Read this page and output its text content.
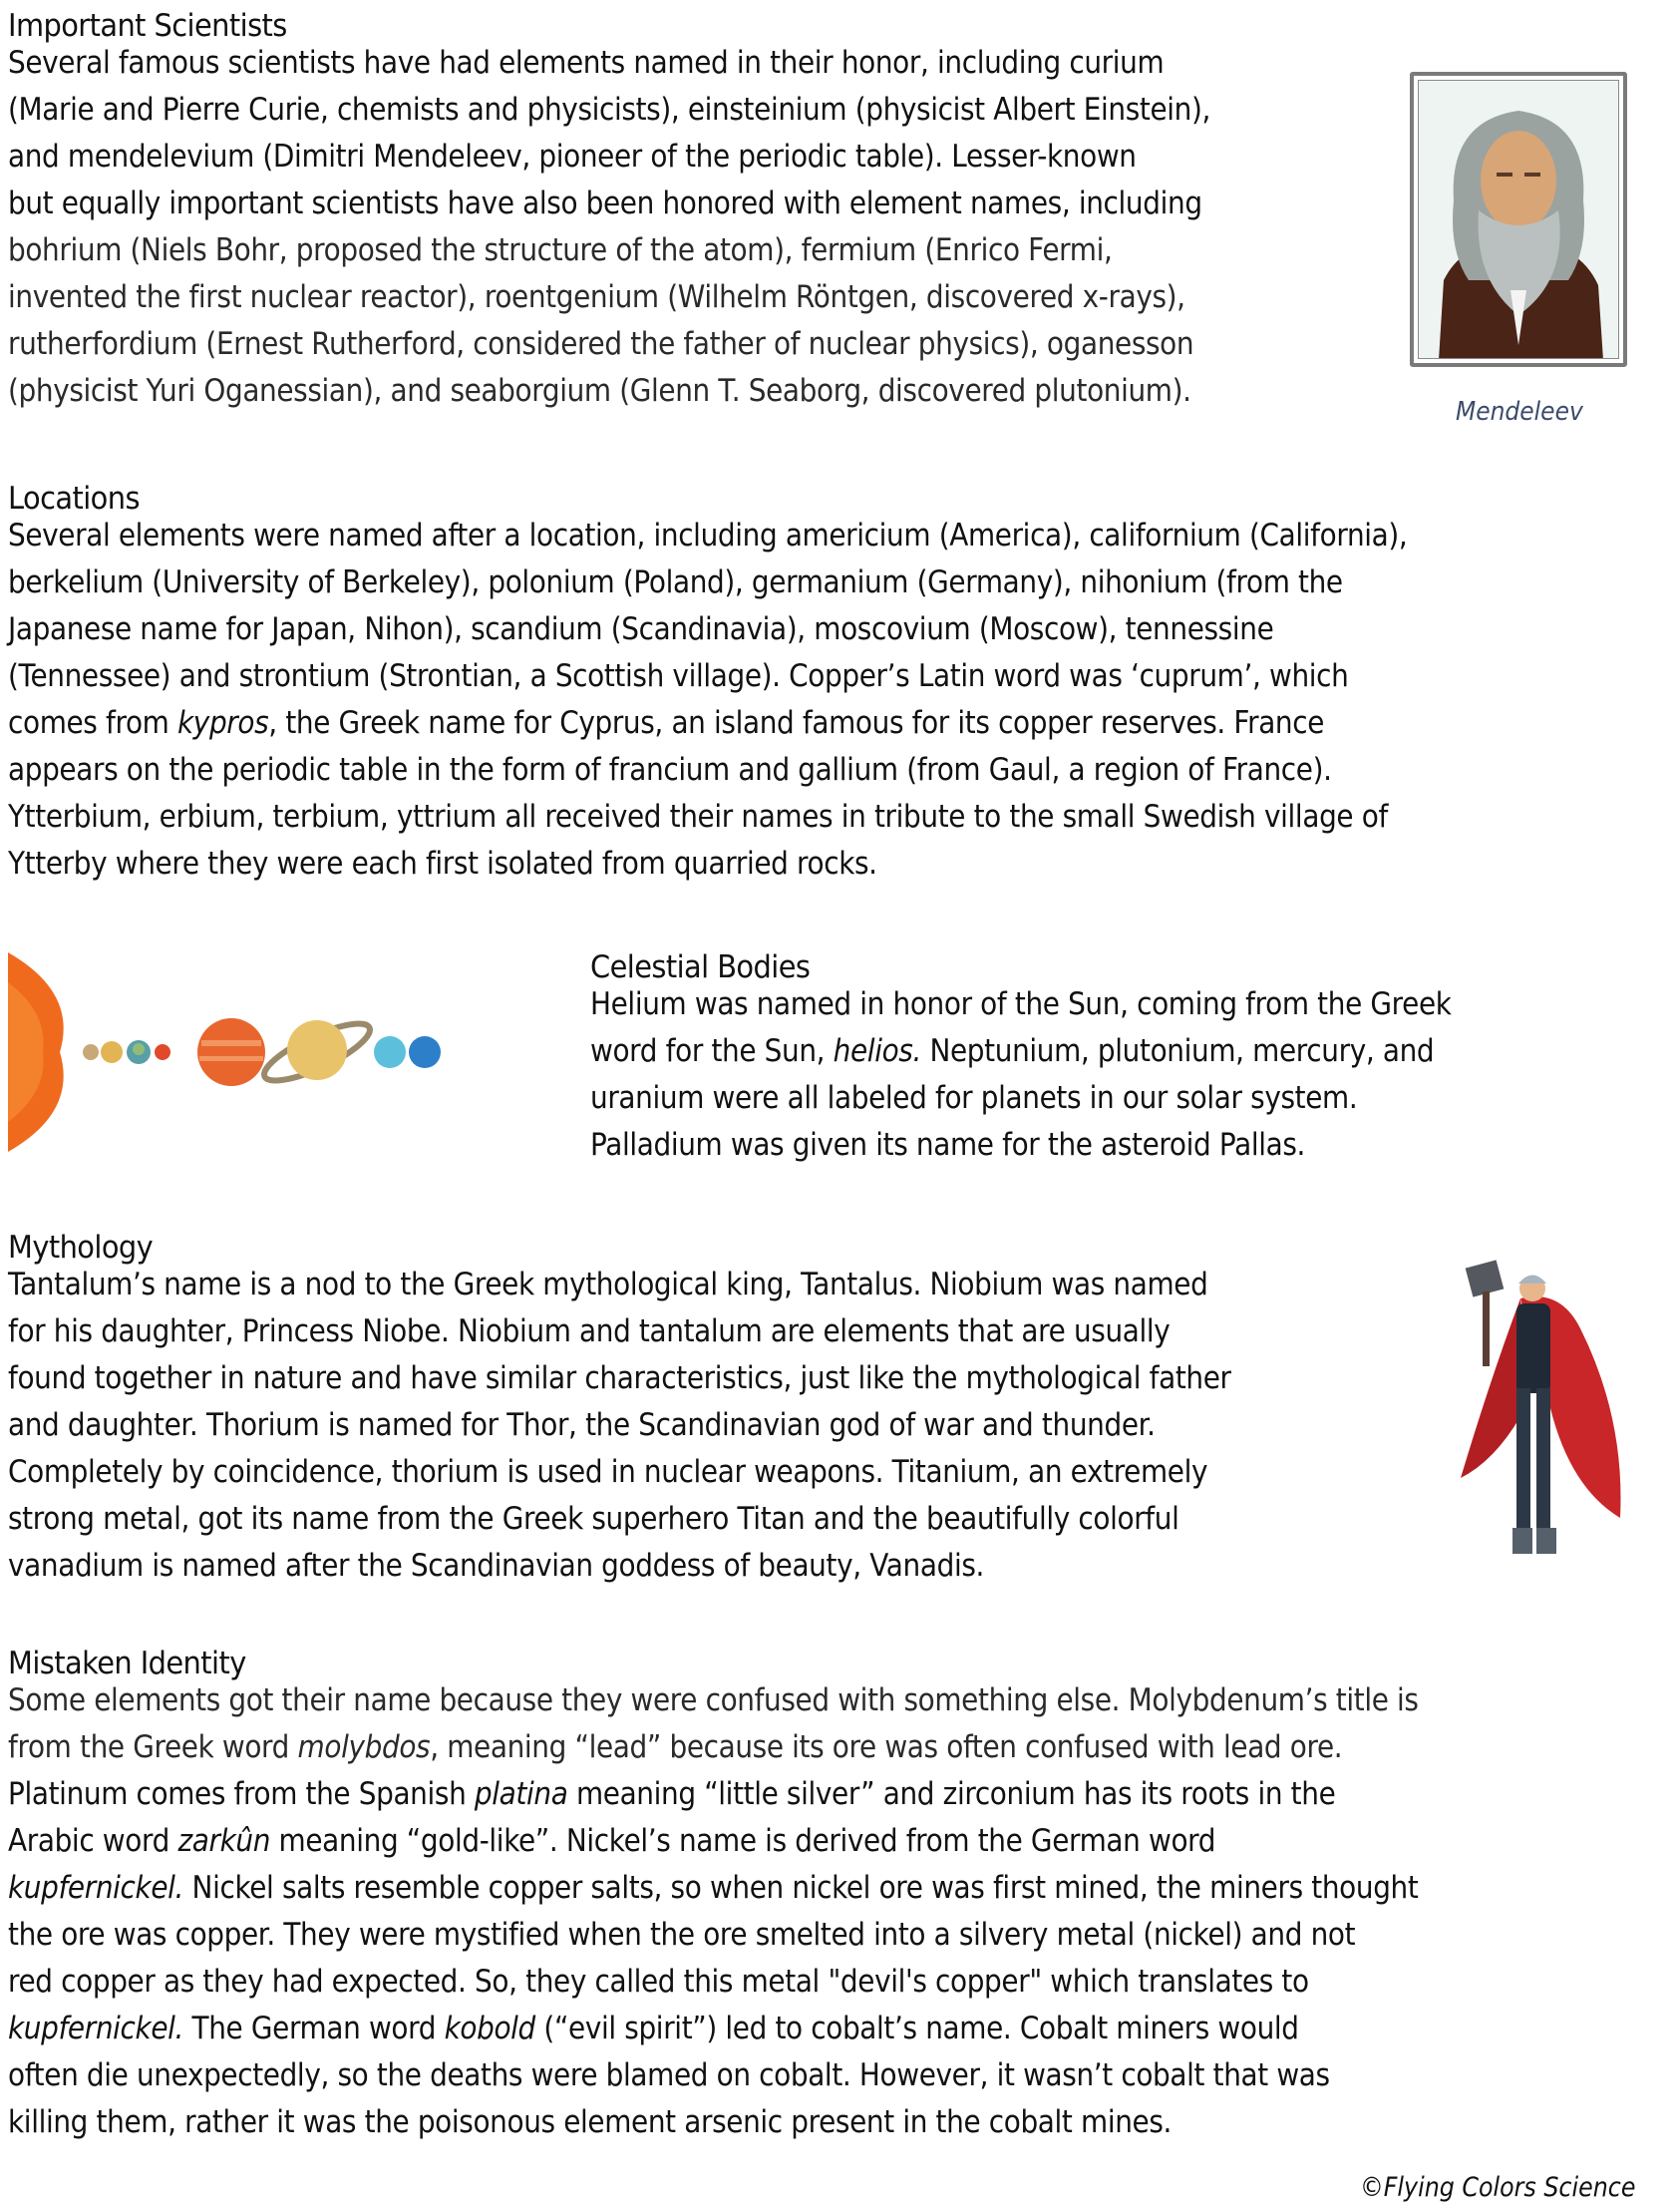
Important Scientists
Several famous scientists have had elements named in their honor, including curium
(Marie and Pierre Curie, chemists and physicists), einsteinium (physicist Albert Einstein),
and mendelevium (Dimitri Mendeleev, pioneer of the periodic table). Lesser-known
but equally important scientists have also been honored with element names, including
bohrium (Niels Bohr, proposed the structure of the atom), fermium (Enrico Fermi,
invented the first nuclear reactor), roentgenium (Wilhelm Röntgen, discovered x-rays),
rutherfordium (Ernest Rutherford, considered the father of nuclear physics), oganesson
(physicist Yuri Oganessian), and seaborgium (Glenn T. Seaborg, discovered plutonium).
Mendeleev
Locations
Several elements were named after a location, including americium (America), californium (California),
berkelium (University of Berkeley), polonium (Poland), germanium (Germany), nihonium (from the
Japanese name for Japan, Nihon), scandium (Scandinavia), moscovium (Moscow), tennessine
(Tennessee) and strontium (Strontian, a Scottish village). Copper’s Latin word was ‘cuprum’, which
comes from kypros, the Greek name for Cyprus, an island famous for its copper reserves. France
appears on the periodic table in the form of francium and gallium (from Gaul, a region of France).
Ytterbium, erbium, terbium, yttrium all received their names in tribute to the small Swedish village of
Ytterby where they were each first isolated from quarried rocks.
Celestial Bodies
Helium was named in honor of the Sun, coming from the Greek
word for the Sun, helios. Neptunium, plutonium, mercury, and
uranium were all labeled for planets in our solar system.
Palladium was given its name for the asteroid Pallas.
Mythology
Tantalum’s name is a nod to the Greek mythological king, Tantalus. Niobium was named
for his daughter, Princess Niobe. Niobium and tantalum are elements that are usually
found together in nature and have similar characteristics, just like the mythological father
and daughter. Thorium is named for Thor, the Scandinavian god of war and thunder.
Completely by coincidence, thorium is used in nuclear weapons. Titanium, an extremely
strong metal, got its name from the Greek superhero Titan and the beautifully colorful
vanadium is named after the Scandinavian goddess of beauty, Vanadis.
Mistaken Identity
Some elements got their name because they were confused with something else. Molybdenum’s title is
from the Greek word molybdos, meaning “lead” because its ore was often confused with lead ore.
Platinum comes from the Spanish platina meaning “little silver” and zirconium has its roots in the
Arabic word zarkûn meaning “gold-like”. Nickel’s name is derived from the German word
kupfernickel. Nickel salts resemble copper salts, so when nickel ore was first mined, the miners thought
the ore was copper. They were mystified when the ore smelted into a silvery metal (nickel) and not
red copper as they had expected. So, they called this metal "devil's copper" which translates to
kupfernickel. The German word kobold (“evil spirit”) led to cobalt’s name. Cobalt miners would
often die unexpectedly, so the deaths were blamed on cobalt. However, it wasn’t cobalt that was
killing them, rather it was the poisonous element arsenic present in the cobalt mines.
©Flying Colors Science
